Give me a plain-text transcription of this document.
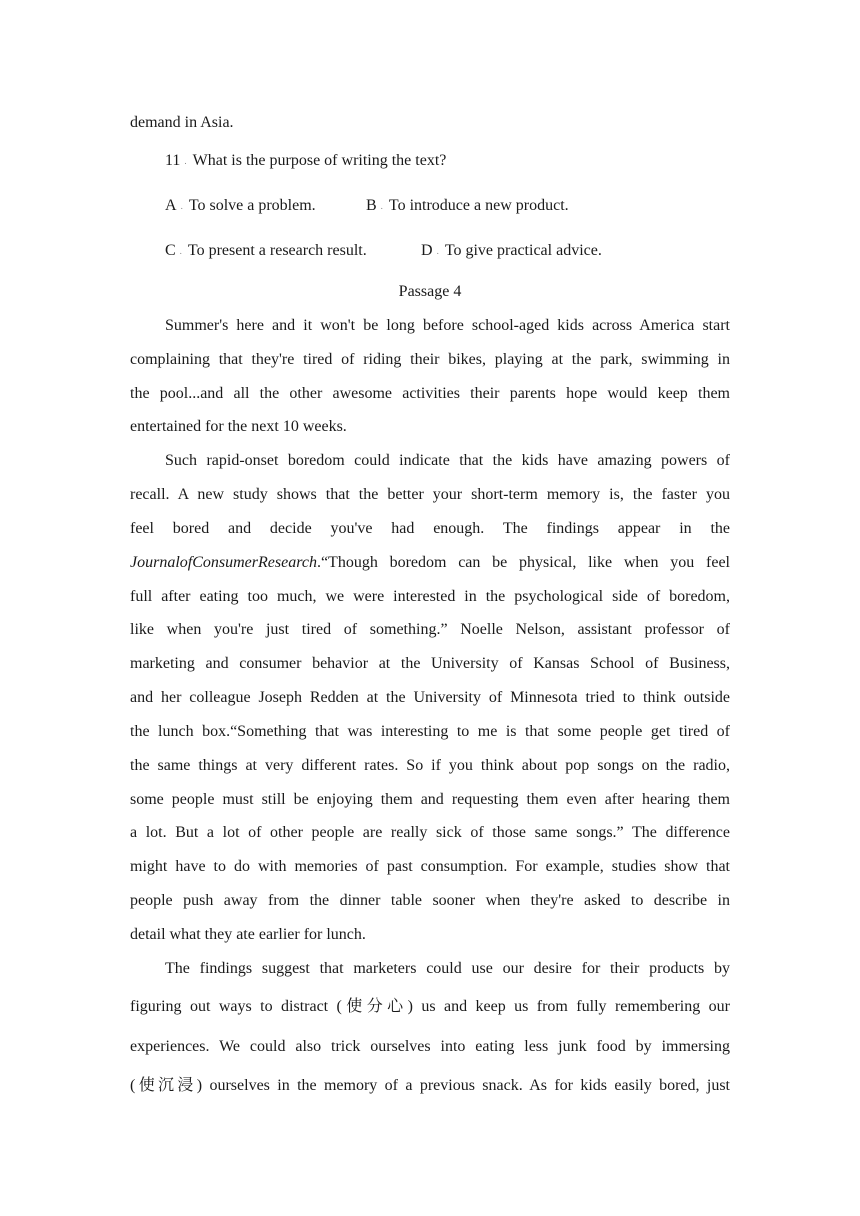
demand in Asia.
11 . What is the purpose of writing the text?
A . To solve a problem.	B . To introduce a new product.
C . To present a research result.	D . To give practical advice.
Passage 4
Summer's here and it won't be long before school-aged kids across America start
complaining that they're tired of riding their bikes, playing at the park, swimming in
the pool...and all the other awesome activities their parents hope would keep them
entertained for the next 10 weeks.
Such rapid-onset boredom could indicate that the kids have amazing powers of
recall. A new study shows that the better your short-term memory is, the faster you
feel bored and decide you've had enough. The findings appear in the
JournalofConsumerResearch .“Though boredom can be physical, like when you feel
full after eating too much, we were interested in the psychological side of boredom,
like when you're just tired of something.” Noelle Nelson, assistant professor of
marketing and consumer behavior at the University of Kansas School of Business,
and her colleague Joseph Redden at the University of Minnesota tried to think outside
the lunch box.“Something that was interesting to me is that some people get tired of
the same things at very different rates. So if you think about pop songs on the radio,
some people must still be enjoying them and requesting them even after hearing them
a lot. But a lot of other people are really sick of those same songs.” The difference
might have to do with memories of past consumption. For example, studies show that
people push away from the dinner table sooner when they're asked to describe in
detail what they ate earlier for lunch.
The findings suggest that marketers could use our desire for their products by
figuring out ways to distract (使分心) us and keep us from fully remembering our
experiences. We could also trick ourselves into eating less junk food by immersing
(使沉浸) ourselves in the memory of a previous snack. As for kids easily bored, just
